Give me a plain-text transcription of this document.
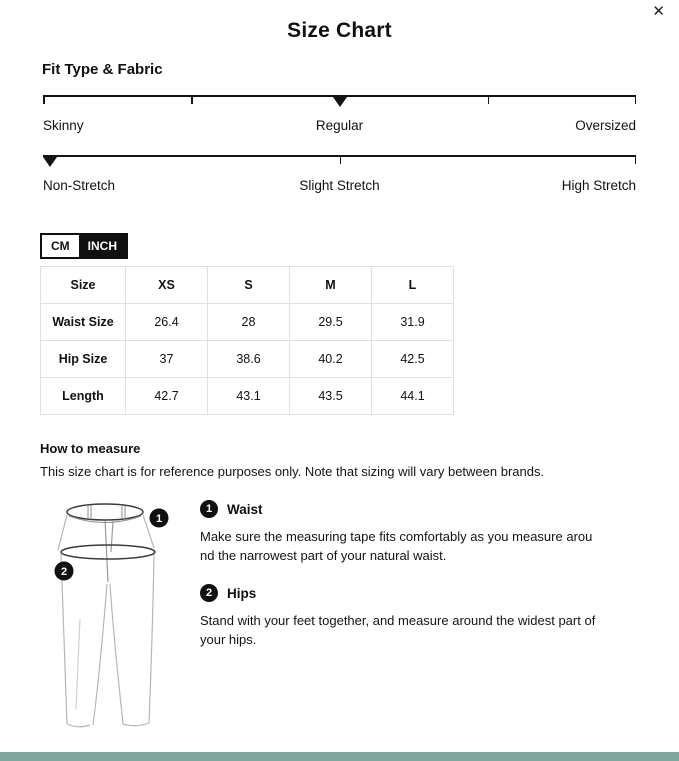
✕
Size Chart
Fit Type & Fabric
Skinny	Regular	Oversized
Non-Stretch	Slight Stretch	High Stretch
CM	INCH
Size	XS	S	M	L
Waist Size	26.4	28	29.5	31.9
Hip Size	37	38.6	40.2	42.5
Length	42.7	43.1	43.5	44.1
How to measure
This size chart is for reference purposes only. Note that sizing will vary between brands.
1
2
1	Waist

Make sure the measuring tape fits comfortably as you measure arou
nd the narrowest part of your natural waist.

2	Hips

Stand with your feet together, and measure around the widest part of
your hips.
